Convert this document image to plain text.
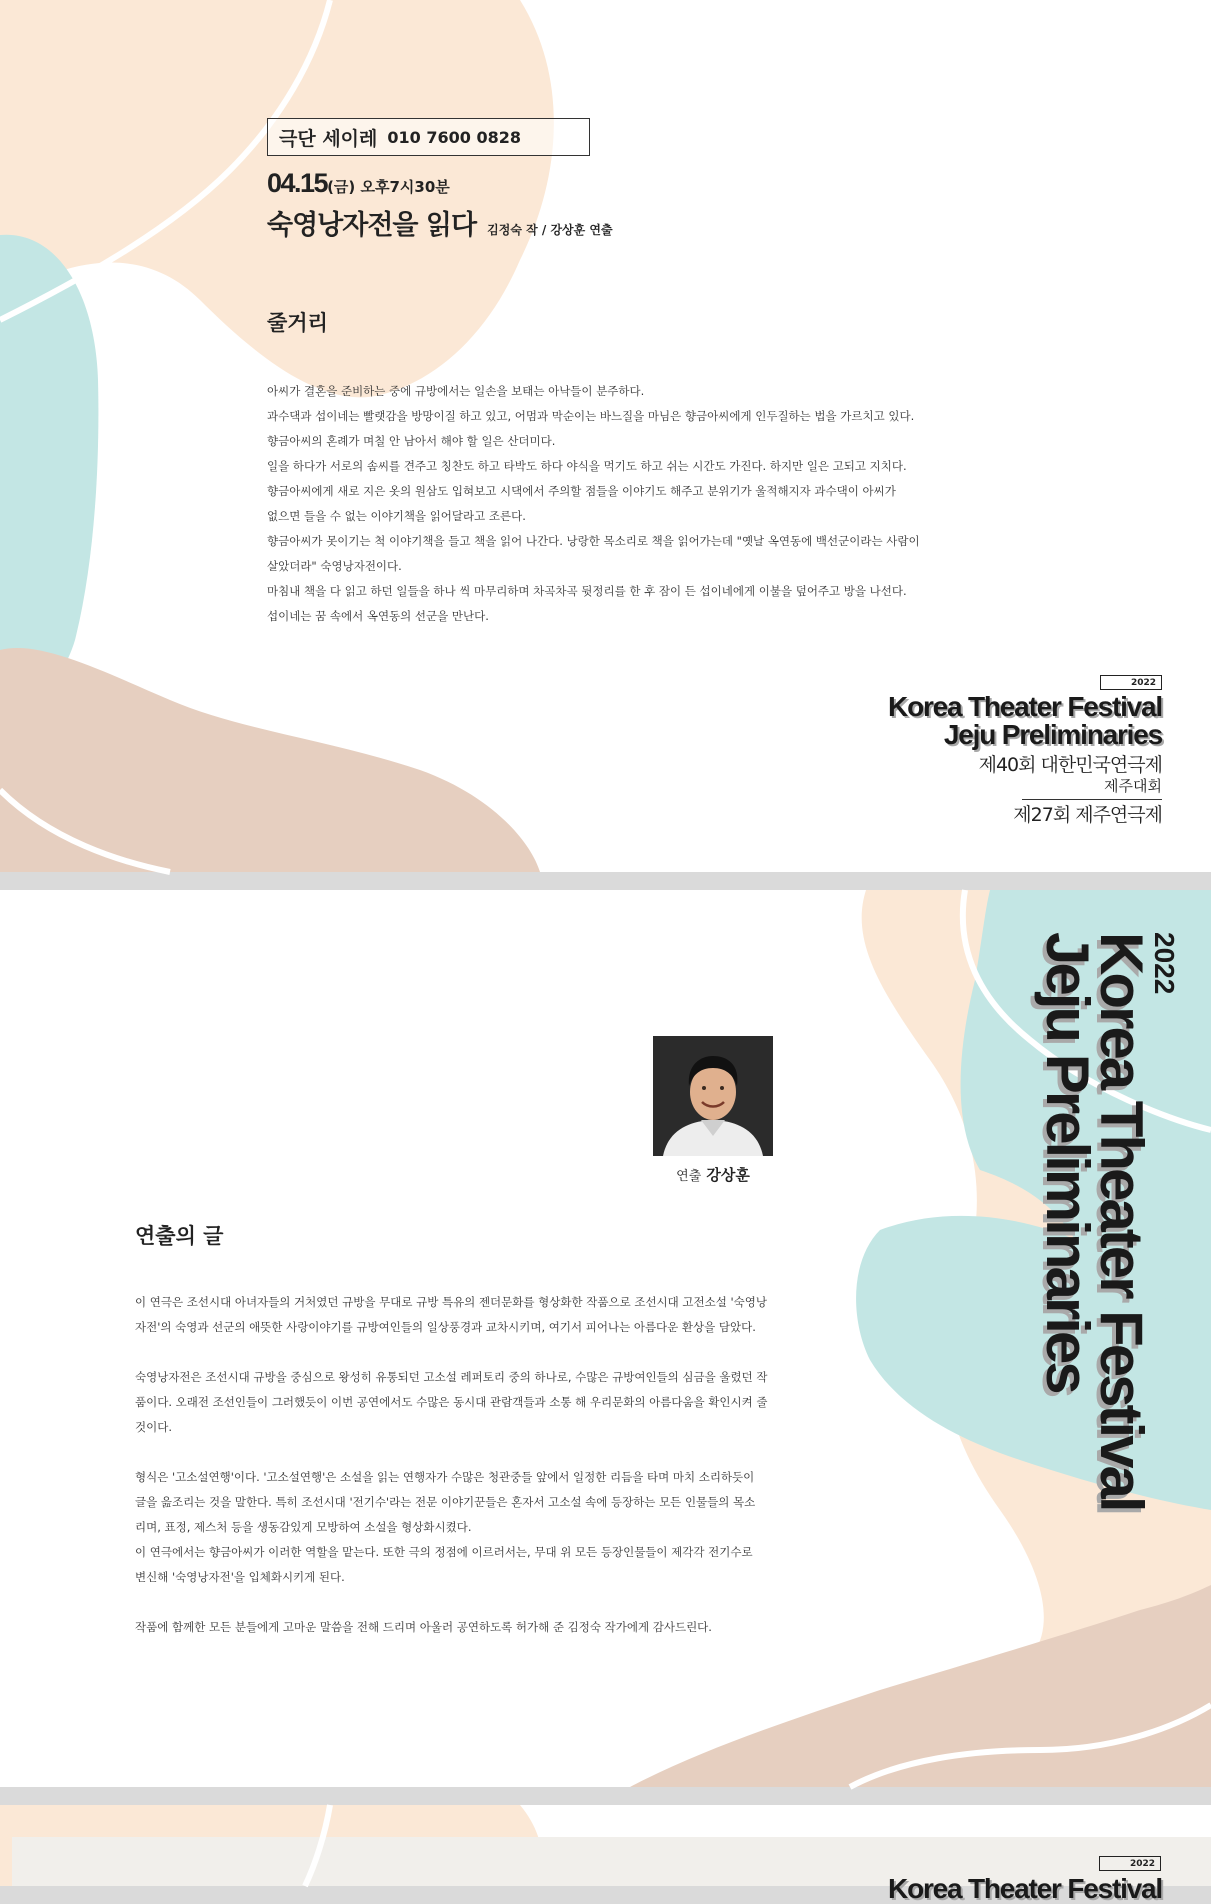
극단 세이레 010 7600 0828
04.15(금) 오후7시30분
숙영낭자전을 읽다 김정숙 작 / 강상훈 연출
줄거리

아씨가 결혼을 준비하는 중에 규방에서는 일손을 보태는 아낙들이 분주하다.

과수댁과 섭이네는 빨랫감을 방망이질 하고 있고, 어멈과 막순이는 바느질을 마님은 향금아씨에게 인두질하는 법을 가르치고 있다.

향금아씨의 혼례가 며칠 안 남아서 해야 할 일은 산더미다.

일을 하다가 서로의 솜씨를 견주고 칭찬도 하고 타박도 하다 야식을 먹기도 하고 쉬는 시간도 가진다. 하지만 일은 고되고 지치다.

향금아씨에게 새로 지은 옷의 원삼도 입혀보고 시댁에서 주의할 점들을 이야기도 해주고 분위기가 울적해지자 과수댁이 아씨가

없으면 들을 수 없는 이야기책을 읽어달라고 조른다.

향금아씨가 못이기는 척 이야기책을 들고 책을 읽어 나간다. 낭랑한 목소리로 책을 읽어가는데 "옛날 옥연동에 백선군이라는 사람이

살았더라" 숙영낭자전이다.

마침내 책을 다 읽고 하던 일들을 하나 씩 마무리하며 차곡차곡 뒷정리를 한 후 잠이 든 섭이네에게 이불을 덮어주고 방을 나선다.

섭이네는 꿈 속에서 옥연동의 선군을 만난다.

2022
Korea Theater Festival
Jeju Preliminaries
제40회 대한민국연극제
제주대회
제27회 제주연극제
연출 강상훈
연출의 글

이 연극은 조선시대 아녀자들의 거처였던 규방을 무대로 규방 특유의 젠더문화를 형상화한 작품으로 조선시대 고전소설 '숙영낭

자전'의 숙영과 선군의 애뜻한 사랑이야기를 규방여인들의 일상풍경과 교차시키며, 여기서 피어나는 아름다운 환상을 담았다.

숙영낭자전은 조선시대 규방을 중심으로 왕성히 유통되던 고소설 레퍼토리 중의 하나로, 수많은 규방여인들의 심금을 울렸던 작

품이다. 오래전 조선인들이 그러했듯이 이번 공연에서도 수많은 동시대 관람객들과 소통 해 우리문화의 아름다움을 확인시켜 줄

것이다.

형식은 '고소설연행'이다. '고소설연행'은 소설을 읽는 연행자가 수많은 청관중들 앞에서 일정한 리듬을 타며 마치 소리하듯이

글을 읊조리는 것을 말한다. 특히 조선시대 '전기수'라는 전문 이야기꾼들은 혼자서 고소설 속에 등장하는 모든 인물들의 목소

리며, 표정, 제스처 등을 생동감있게 모방하여 소설을 형상화시켰다.

이 연극에서는 향금아씨가 이러한 역할을 맡는다. 또한 극의 정점에 이르러서는, 무대 위 모든 등장인물들이 제각각 전기수로

변신해 '숙영낭자전'을 입체화시키게 된다.

작품에 함께한 모든 분들에게 고마운 말씀을 전해 드리며 아울러 공연하도록 허가해 준 김정숙 작가에게 감사드린다.

2022
Korea Theater Festival
